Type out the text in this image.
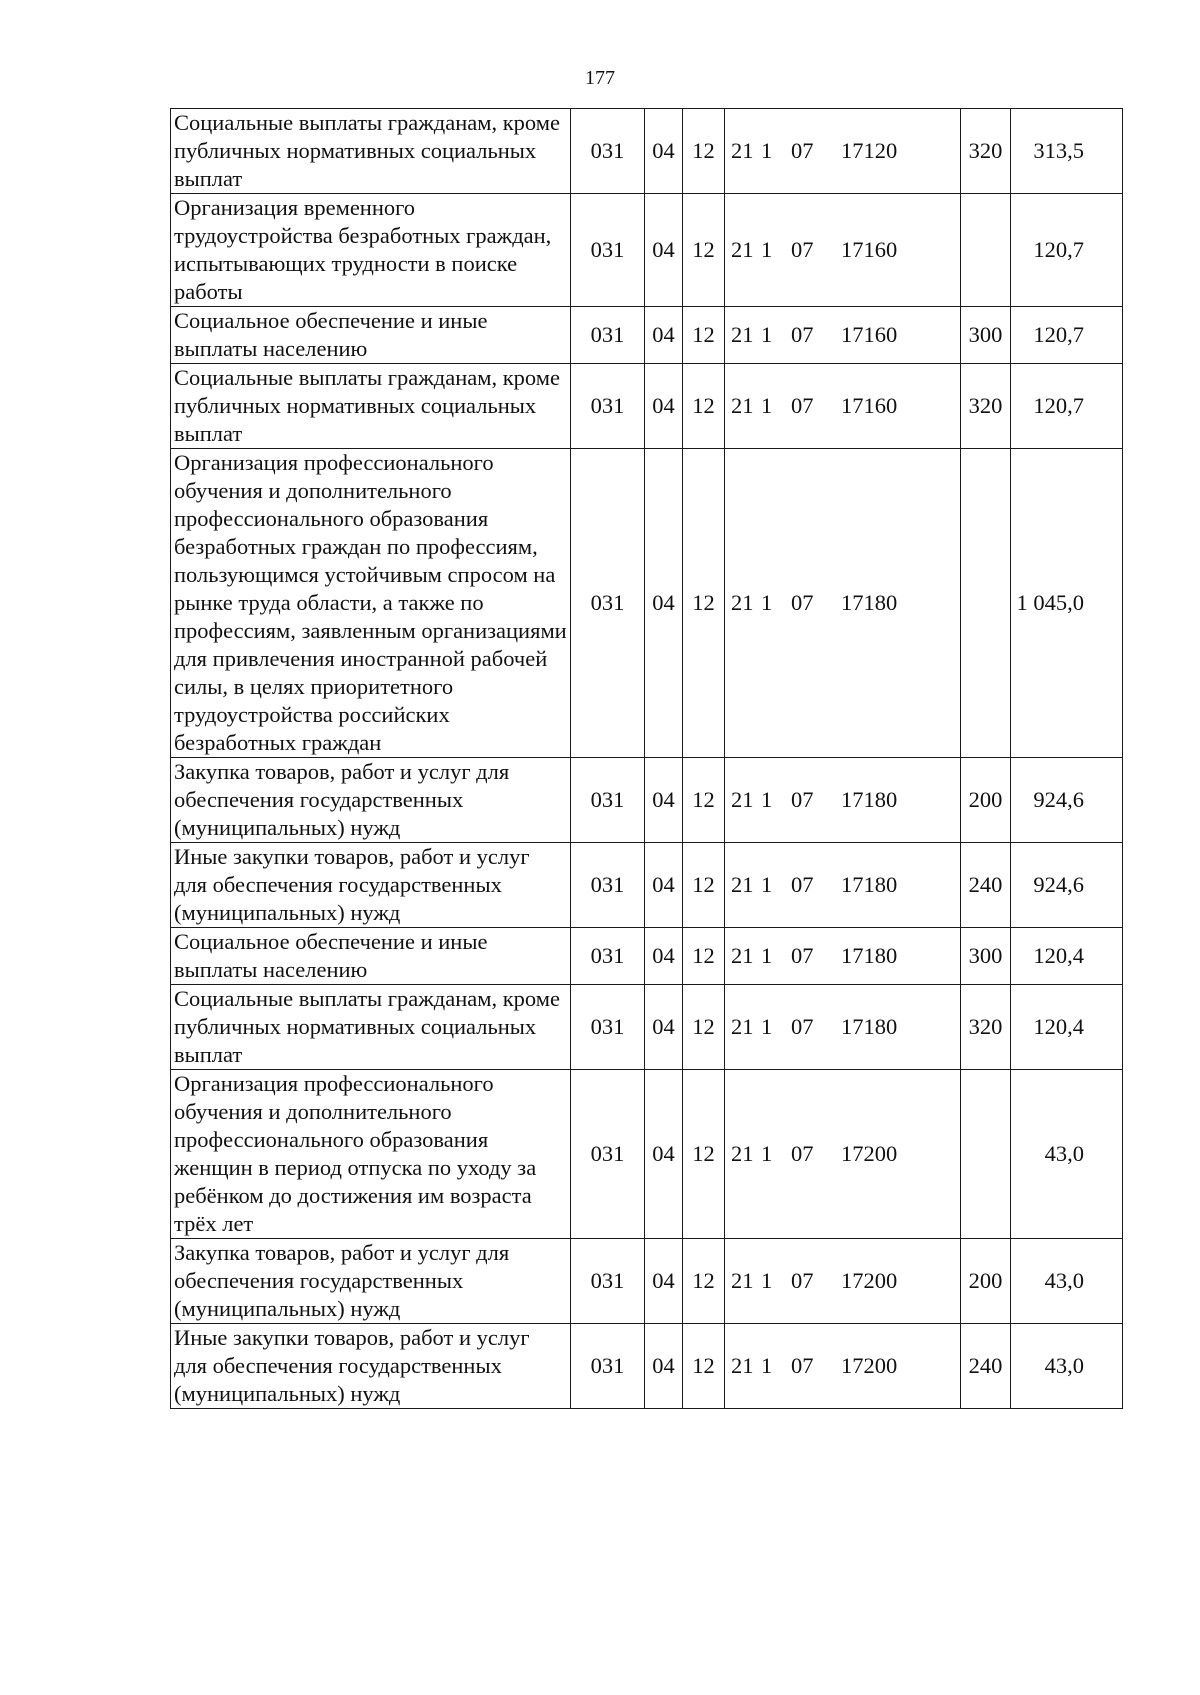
177
Социальные выплаты гражданам, кроме публичных нормативных социальных выплат	031	04	12	21 1 07 17120	320	313,5
Организация временного трудоустройства безработных граждан, испытывающих трудности в поиске работы	031	04	12	21 1 07 17160		120,7
Социальное обеспечение и иные выплаты населению	031	04	12	21 1 07 17160	300	120,7
Социальные выплаты гражданам, кроме публичных нормативных социальных выплат	031	04	12	21 1 07 17160	320	120,7
Организация профессионального обучения и дополнительного профессионального образования безработных граждан по профессиям, пользующимся устойчивым спросом на рынке труда области, а также по профессиям, заявленным организациями для привлечения иностранной рабочей силы, в целях приоритетного трудоустройства российских безработных граждан	031	04	12	21 1 07 17180		1 045,0
Закупка товаров, работ и услуг для обеспечения государственных (муниципальных) нужд	031	04	12	21 1 07 17180	200	924,6
Иные закупки товаров, работ и услуг для обеспечения государственных (муниципальных) нужд	031	04	12	21 1 07 17180	240	924,6
Социальное обеспечение и иные выплаты населению	031	04	12	21 1 07 17180	300	120,4
Социальные выплаты гражданам, кроме публичных нормативных социальных выплат	031	04	12	21 1 07 17180	320	120,4
Организация профессионального обучения и дополнительного профессионального образования женщин в период отпуска по уходу за ребёнком до достижения им возраста трёх лет	031	04	12	21 1 07 17200		43,0
Закупка товаров, работ и услуг для обеспечения государственных (муниципальных) нужд	031	04	12	21 1 07 17200	200	43,0
Иные закупки товаров, работ и услуг для обеспечения государственных (муниципальных) нужд	031	04	12	21 1 07 17200	240	43,0
